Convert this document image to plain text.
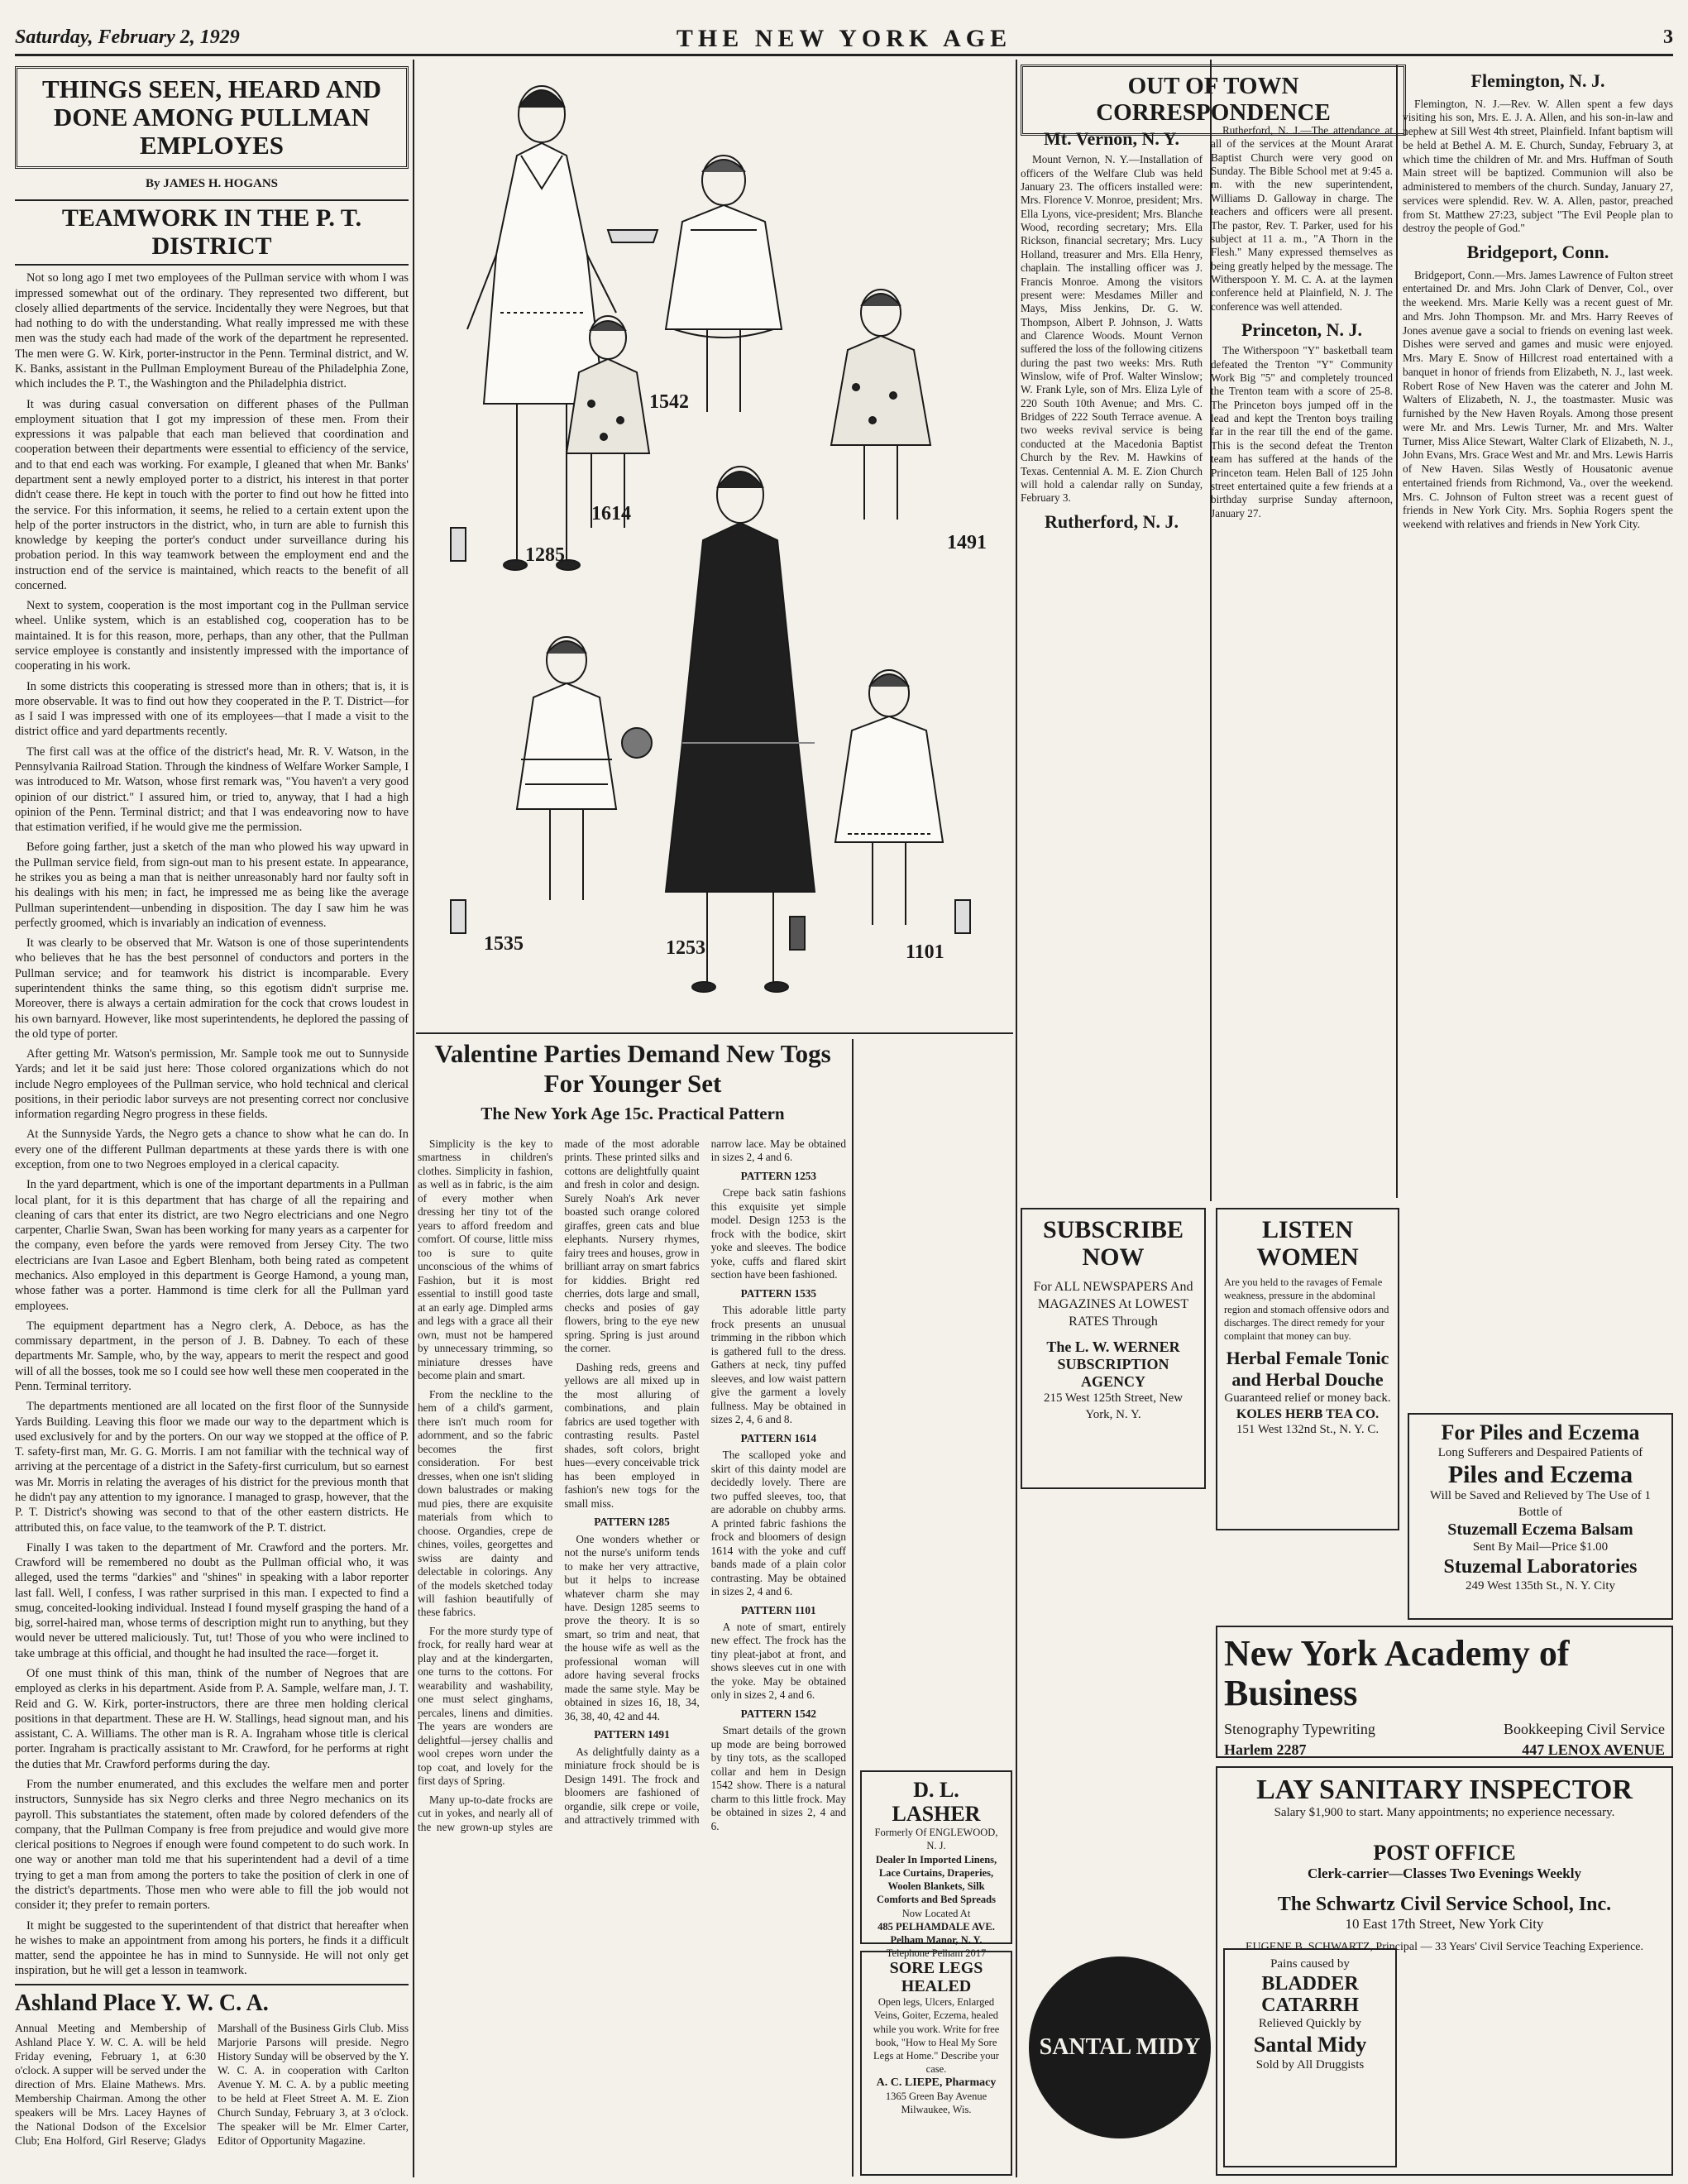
Saturday, February 2, 1929	THE NEW YORK AGE	3
THINGS SEEN, HEARD AND DONE AMONG PULLMAN EMPLOYES
By JAMES H. HOGANS
TEAMWORK IN THE P. T. DISTRICT

Not so long ago I met two employees of the Pullman service with whom I was impressed somewhat out of the ordinary. They represented two different, but closely allied departments of the service. Incidentally they were Negroes, but that had nothing to do with the understanding. What really impressed me with these men was the study each had made of the work of the department he represented. The men were G. W. Kirk, porter-instructor in the Penn. Terminal district, and W. K. Banks, assistant in the Pullman Employment Bureau of the Philadelphia Zone, which includes the P. T., the Washington and the Philadelphia district.

It was during casual conversation on different phases of the Pullman employment situation that I got my impression of these men. From their expressions it was palpable that each man believed that coordination and cooperation between their departments were essential to efficiency of the service, and to that end each was working. For example, I gleaned that when Mr. Banks' department sent a newly employed porter to a district, his interest in that porter didn't cease there. He kept in touch with the porter to find out how he fitted into the service. For this information, it seems, he relied to a certain extent upon the help of the porter instructors in the district, who, in turn are able to furnish this knowledge by keeping the porter's conduct under surveillance during his probation period. In this way teamwork between the employment end and the instruction end of the service is maintained, which reacts to the benefit of all concerned.

Next to system, cooperation is the most important cog in the Pullman service wheel. Unlike system, which is an established cog, cooperation has to be maintained. It is for this reason, more, perhaps, than any other, that the Pullman service employee is constantly and insistently impressed with the importance of cooperating in his work.

In some districts this cooperating is stressed more than in others; that is, it is more observable. It was to find out how they cooperated in the P. T. District—for as I said I was impressed with one of its employees—that I made a visit to the district office and yard departments recently.

The first call was at the office of the district's head, Mr. R. V. Watson, in the Pennsylvania Railroad Station. Through the kindness of Welfare Worker Sample, I was introduced to Mr. Watson, whose first remark was, "You haven't a very good opinion of our district." I assured him, or tried to, anyway, that I had a high opinion of the Penn. Terminal district; and that I was endeavoring now to have that estimation verified, if he would give me the permission.

Before going farther, just a sketch of the man who plowed his way upward in the Pullman service field, from sign-out man to his present estate. In appearance, he strikes you as being a man that is neither unreasonably hard nor faulty soft in his dealings with his men; in fact, he impressed me as being like the average Pullman superintendent—unbending in disposition. The day I saw him he was perfectly groomed, which is invariably an indication of evenness.

It was clearly to be observed that Mr. Watson is one of those superintendents who believes that he has the best personnel of conductors and porters in the Pullman service; and for teamwork his district is incomparable. Every superintendent thinks the same thing, so this egotism didn't surprise me. Moreover, there is always a certain admiration for the cock that crows loudest in his own barnyard. However, like most superintendents, he deplored the passing of the old type of porter.

After getting Mr. Watson's permission, Mr. Sample took me out to Sunnyside Yards; and let it be said just here: Those colored organizations which do not include Negro employees of the Pullman service, who hold technical and clerical positions, in their periodic labor surveys are not presenting correct nor conclusive information regarding Negro progress in these fields.

At the Sunnyside Yards, the Negro gets a chance to show what he can do. In every one of the different Pullman departments at these yards there is with one exception, from one to two Negroes employed in a clerical capacity.

In the yard department, which is one of the important departments in a Pullman local plant, for it is this department that has charge of all the repairing and cleaning of cars that enter its district, are two Negro electricians and one Negro carpenter, Charlie Swan, Swan has been working for many years as a carpenter for the company, even before the yards were removed from Jersey City. The two electricians are Ivan Lasoe and Egbert Blenham, both being rated as competent mechanics. Also employed in this department is George Hamond, a young man, whose father was a porter. Hammond is time clerk for all the Pullman yard employees.

The equipment department has a Negro clerk, A. Deboce, as has the commissary department, in the person of J. B. Dabney. To each of these departments Mr. Sample, who, by the way, appears to merit the respect and good will of all the bosses, took me so I could see how well these men cooperated in the Penn. Terminal territory.

The departments mentioned are all located on the first floor of the Sunnyside Yards Building. Leaving this floor we made our way to the department which is used exclusively for and by the porters. On our way we stopped at the office of P. T. safety-first man, Mr. G. G. Morris. I am not familiar with the technical way of arriving at the percentage of a district in the Safety-first curriculum, but so earnest was Mr. Morris in relating the averages of his district for the previous month that he didn't pay any attention to my ignorance. I managed to grasp, however, that the P. T. District's showing was second to that of the other eastern districts. He attributed this, on face value, to the teamwork of the P. T. district.

Finally I was taken to the department of Mr. Crawford and the porters. Mr. Crawford will be remembered no doubt as the Pullman official who, it was alleged, used the terms "darkies" and "shines" in speaking with a labor reporter last fall. Well, I confess, I was rather surprised in this man. I expected to find a smug, conceited-looking individual. Instead I found myself grasping the hand of a big, sorrel-haired man, whose terms of description might run to anything, but they would never be uttered maliciously. Tut, tut! Those of you who were inclined to take umbrage at this official, and thought he had insulted the race—forget it.

Of one must think of this man, think of the number of Negroes that are employed as clerks in his department. Aside from P. A. Sample, welfare man, J. T. Reid and G. W. Kirk, porter-instructors, there are three men holding clerical positions in that department. These are H. W. Stallings, head signout man, and his assistant, C. A. Williams. The other man is R. A. Ingraham whose title is clerical porter. Ingraham is practically assistant to Mr. Crawford, for he performs at right the duties that Mr. Crawford performs during the day.

From the number enumerated, and this excludes the welfare men and porter instructors, Sunnyside has six Negro clerks and three Negro mechanics on its payroll. This substantiates the statement, often made by colored defenders of the company, that the Pullman Company is free from prejudice and would give more clerical positions to Negroes if enough were found competent to do such work. In one way or another man told me that his superintendent had a devil of a time trying to get a man from among the porters to take the position of clerk in one of the district's departments. Those men who were able to fill the job would not consider it; they prefer to remain porters.

It might be suggested to the superintendent of that district that hereafter when he wishes to make an appointment from among his porters, he finds it a difficult matter, send the appointee he has in mind to Sunnyside. He will not only get inspiration, but he will get a lesson in teamwork.

Ashland Place Y. W. C. A.
Annual Meeting and Membership of Ashland Place Y. W. C. A. will be held Friday evening, February 1, at 6:30 o'clock. A supper will be served under the direction of Mrs. Elaine Mathews. Mrs. Membership Chairman. Among the other speakers will be Mrs. Lacey Haynes of the National Dodson of the Excelsior Club; Ena Holford, Girl Reserve; Gladys Marshall of the Business Girls Club. Miss Marjorie Parsons will preside. Negro History Sunday will be observed by the Y. W. C. A. in cooperation with Carlton Avenue Y. M. C. A. by a public meeting to be held at Fleet Street A. M. E. Zion Church Sunday, February 3, at 3 o'clock. The speaker will be Mr. Elmer Carter, Editor of Opportunity Magazine.
1542
1614
1491
1285
1535	1253	1101
Valentine Parties Demand New Togs
For Younger Set
The New York Age 15c. Practical Pattern

Simplicity is the key to smartness in children's clothes. Simplicity in fashion, as well as in fabric, is the aim of every mother when dressing her tiny tot of the years to afford freedom and comfort. Of course, little miss too is sure to quite unconscious of the whims of Fashion, but it is most essential to instill good taste at an early age. Dimpled arms and legs with a grace all their own, must not be hampered by unnecessary trimming, so miniature dresses have become plain and smart.

From the neckline to the hem of a child's garment, there isn't much room for adornment, and so the fabric becomes the first consideration. For best dresses, when one isn't sliding down balustrades or making mud pies, there are exquisite materials from which to choose. Organdies, crepe de chines, voiles, georgettes and swiss are dainty and delectable in colorings. Any of the models sketched today will fashion beautifully of these fabrics.

For the more sturdy type of frock, for really hard wear at play and at the kindergarten, one turns to the cottons. For wearability and washability, one must select ginghams, percales, linens and dimities. The years are wonders are delightful—jersey challis and wool crepes worn under the top coat, and lovely for the first days of Spring.

Many up-to-date frocks are cut in yokes, and nearly all of the new grown-up styles are made of the most adorable prints. These printed silks and cottons are delightfully quaint and fresh in color and design. Surely Noah's Ark never boasted such orange colored giraffes, green cats and blue elephants. Nursery rhymes, fairy trees and houses, grow in brilliant array on smart fabrics for kiddies. Bright red cherries, dots large and small, checks and posies of gay flowers, bring to the eye new spring. Spring is just around the corner.

Dashing reds, greens and yellows are all mixed up in the most alluring of combinations, and plain fabrics are used together with contrasting results. Pastel shades, soft colors, bright hues—every conceivable trick has been employed in fashion's new togs for the small miss.

PATTERN 1285

One wonders whether or not the nurse's uniform tends to make her very attractive, but it helps to increase whatever charm she may have. Design 1285 seems to prove the theory. It is so smart, so trim and neat, that the house wife as well as the professional woman will adore having several frocks made the same style. May be obtained in sizes 16, 18, 34, 36, 38, 40, 42 and 44.

PATTERN 1491

As delightfully dainty as a miniature frock should be is Design 1491. The frock and bloomers are fashioned of organdie, silk crepe or voile, and attractively trimmed with narrow lace. May be obtained in sizes 2, 4 and 6.

PATTERN 1253

Crepe back satin fashions this exquisite yet simple model. Design 1253 is the frock with the bodice, skirt yoke and sleeves. The bodice yoke, cuffs and flared skirt section have been fashioned.

PATTERN 1535

This adorable little party frock presents an unusual trimming in the ribbon which is gathered full to the dress. Gathers at neck, tiny puffed sleeves, and low waist pattern give the garment a lovely fullness. May be obtained in sizes 2, 4, 6 and 8.

PATTERN 1614

The scalloped yoke and skirt of this dainty model are decidedly lovely. There are two puffed sleeves, too, that are adorable on chubby arms. A printed fabric fashions the frock and bloomers of design 1614 with the yoke and cuff bands made of a plain color contrasting. May be obtained in sizes 2, 4 and 6.

PATTERN 1101

A note of smart, entirely new effect. The frock has the tiny pleat-jabot at front, and shows sleeves cut in one with the yoke. May be obtained only in sizes 2, 4 and 6.

PATTERN 1542

Smart details of the grown up mode are being borrowed by tiny tots, as the scalloped collar and hem in Design 1542 show. There is a natural charm to this little frock. May be obtained in sizes 2, 4 and 6.

OUT OF TOWN CORRESPONDENCE
Mt. Vernon, N. Y.

Mount Vernon, N. Y.—Installation of officers of the Welfare Club was held January 23. The officers installed were: Mrs. Florence V. Monroe, president; Mrs. Ella Lyons, vice-president; Mrs. Blanche Wood, recording secretary; Mrs. Ella Rickson, financial secretary; Mrs. Lucy Holland, treasurer and Mrs. Ella Henry, chaplain. The installing officer was J. Francis Monroe. Among the visitors present were: Mesdames Miller and Mays, Miss Jenkins, Dr. G. W. Thompson, Albert P. Johnson, J. Watts and Clarence Woods. Mount Vernon suffered the loss of the following citizens during the past two weeks: Mrs. Ruth Winslow, wife of Prof. Walter Winslow; W. Frank Lyle, son of Mrs. Eliza Lyle of 220 South 10th Avenue; and Mrs. C. Bridges of 222 South Terrace avenue. A two weeks revival service is being conducted at the Macedonia Baptist Church by the Rev. M. Hawkins of Texas. Centennial A. M. E. Zion Church will hold a calendar rally on Sunday, February 3.

Rutherford, N. J.

Rutherford, N. J.—The attendance at all of the services at the Mount Ararat Baptist Church were very good on Sunday. The Bible School met at 9:45 a. m. with the new superintendent, Williams D. Galloway in charge. The teachers and officers were all present. The pastor, Rev. T. Parker, used for his subject at 11 a. m., "A Thorn in the Flesh." Many expressed themselves as being greatly helped by the message. The Witherspoon Y. M. C. A. at the laymen conference held at Plainfield, N. J. The conference was well attended.

Princeton, N. J.

The Witherspoon "Y" basketball team defeated the Trenton "Y" Community Work Big "5" and completely trounced the Trenton team with a score of 25-8. The Princeton boys jumped off in the lead and kept the Trenton boys trailing far in the rear till the end of the game. This is the second defeat the Trenton team has suffered at the hands of the Princeton team. Helen Ball of 125 John street entertained quite a few friends at a birthday surprise Sunday afternoon, January 27.

Flemington, N. J.

Flemington, N. J.—Rev. W. Allen spent a few days visiting his son, Mrs. E. J. A. Allen, and his son-in-law and nephew at Sill West 4th street, Plainfield. Infant baptism will be held at Bethel A. M. E. Church, Sunday, February 3, at which time the children of Mr. and Mrs. Huffman of South Main street will be baptized. Communion will also be administered to members of the church. Sunday, January 27, services were splendid. Rev. W. A. Allen, pastor, preached from St. Matthew 27:23, subject "The Evil People plan to destroy the people of God."

Bridgeport, Conn.

Bridgeport, Conn.—Mrs. James Lawrence of Fulton street entertained Dr. and Mrs. John Clark of Denver, Col., over the weekend. Mrs. Marie Kelly was a recent guest of Mr. and Mrs. John Thompson. Mr. and Mrs. Harry Reeves of Jones avenue gave a social to friends on evening last week. Dishes were served and games and music were enjoyed. Mrs. Mary E. Snow of Hillcrest road entertained with a banquet in honor of friends from Elizabeth, N. J., last week. Robert Rose of New Haven was the caterer and John M. Walters of Elizabeth, N. J., the toastmaster. Music was furnished by the New Haven Royals. Among those present were Mr. and Mrs. Lewis Turner, Mr. and Mrs. Walter Turner, Miss Alice Stewart, Walter Clark of Elizabeth, N. J., John Evans, Mrs. Grace West and Mr. and Mrs. Lewis Harris of New Haven. Silas Westly of Housatonic avenue entertained friends from Richmond, Va., over the weekend. Mrs. C. Johnson of Fulton street was a recent guest of friends in New York City. Mrs. Sophia Rogers spent the weekend with relatives and friends in New York City.

SUBSCRIBE NOW
For ALL NEWSPAPERS And MAGAZINES At LOWEST RATES Through
The L. W. WERNER SUBSCRIPTION AGENCY
215 West 125th Street, New York, N. Y.
LISTEN WOMEN
Are you held to the ravages of Female weakness, pressure in the abdominal region and stomach offensive odors and discharges. The direct remedy for your complaint that money can buy.
Herbal Female Tonic and Herbal Douche
Guaranteed relief or money back.
KOLES HERB TEA CO.
151 West 132nd St., N. Y. C.	For Piles and Eczema
Long Sufferers and Despaired Patients of
Piles and Eczema
Will be Saved and Relieved by The Use of 1 Bottle of
Stuzemall Eczema Balsam
Sent By Mail—Price $1.00
Stuzemal Laboratories
249 West 135th St., N. Y. City
D. L. LASHER
Formerly Of ENGLEWOOD, N. J.
Dealer In Imported Linens, Lace Curtains, Draperies, Woolen Blankets, Silk Comforts and Bed Spreads
Now Located At
485 PELHAMDALE AVE. Pelham Manor, N. Y.
Telephone Pelham 2017
SORE LEGS HEALED
Open legs, Ulcers, Enlarged Veins, Goiter, Eczema, healed while you work. Write for free book, "How to Heal My Sore Legs at Home." Describe your case.
A. C. LIEPE, Pharmacy
1365 Green Bay Avenue Milwaukee, Wis.
SANTAL MIDY
Pains caused by
BLADDER CATARRH
Relieved Quickly by
Santal Midy
Sold by All Druggists
New York Academy of Business
Stenography Typewriting	Bookkeeping Civil Service
Harlem 2287	447 LENOX AVENUE
LAY SANITARY INSPECTOR
Salary $1,900 to start. Many appointments; no experience necessary.
POST OFFICE
Clerk-carrier—Classes Two Evenings Weekly
The Schwartz Civil Service School, Inc.
10 East 17th Street, New York City
EUGENE B. SCHWARTZ, Principal — 33 Years' Civil Service Teaching Experience.
